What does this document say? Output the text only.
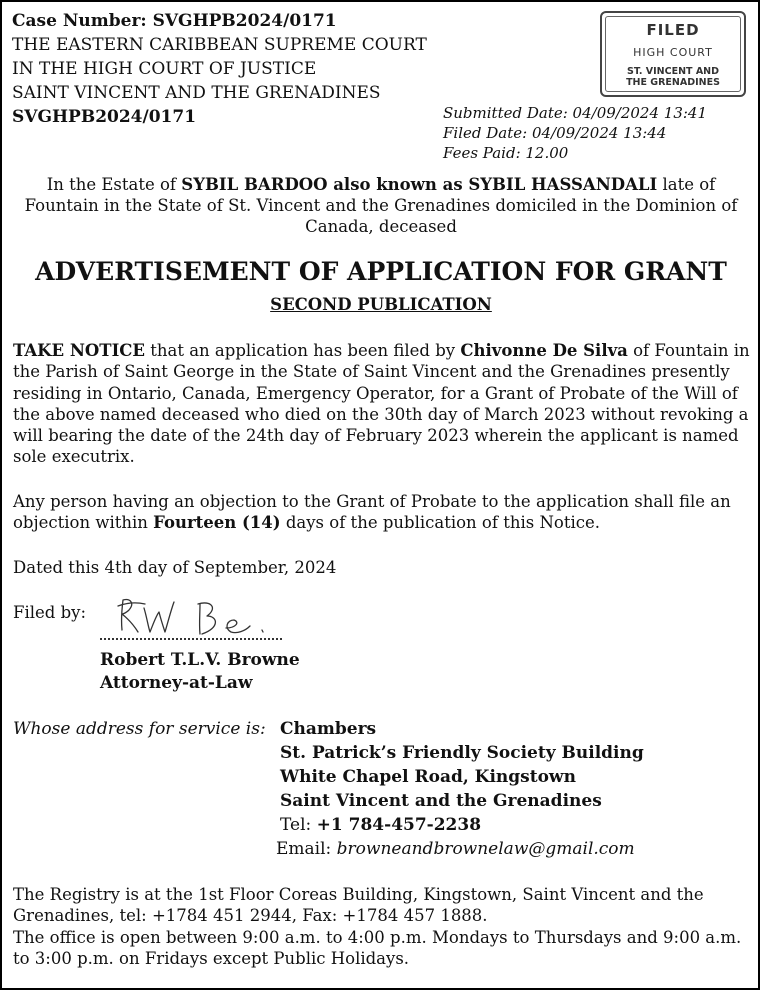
Case Number: SVGHPB2024/0171
THE EASTERN CARIBBEAN SUPREME COURT
IN THE HIGH COURT OF JUSTICE
SAINT VINCENT AND THE GRENADINES
SVGHPB2024/0171
FILED
HIGH COURT
ST. VINCENT AND
THE GRENADINES
Submitted Date: 04/09/2024 13:41
Filed Date: 04/09/2024 13:44
Fees Paid: 12.00
In the Estate of SYBIL BARDOO also known as SYBIL HASSANDALI late of Fountain in the State of St. Vincent and the Grenadines domiciled in the Dominion of Canada, deceased
ADVERTISEMENT OF APPLICATION FOR GRANT
SECOND PUBLICATION
TAKE NOTICE that an application has been filed by Chivonne De Silva of Fountain in the Parish of Saint George in the State of Saint Vincent and the Grenadines presently residing in Ontario, Canada, Emergency Operator, for a Grant of Probate of the Will of the above named deceased who died on the 30th day of March 2023 without revoking a will bearing the date of the 24th day of February 2023 wherein the applicant is named sole executrix.
Any person having an objection to the Grant of Probate to the application shall file an objection within Fourteen (14) days of the publication of this Notice.
Dated this 4th day of September, 2024
Filed by:
Robert T.L.V. Browne
Attorney-at-Law
Whose address for service is: Chambers
St. Patrick’s Friendly Society Building
White Chapel Road, Kingstown
Saint Vincent and the Grenadines
Tel: +1 784-457-2238
Email: browneandbrownelaw@gmail.com
The Registry is at the 1st Floor Coreas Building, Kingstown, Saint Vincent and the Grenadines, tel: +1784 451 2944, Fax: +1784 457 1888.
The office is open between 9:00 a.m. to 4:00 p.m. Mondays to Thursdays and 9:00 a.m. to 3:00 p.m. on Fridays except Public Holidays.
